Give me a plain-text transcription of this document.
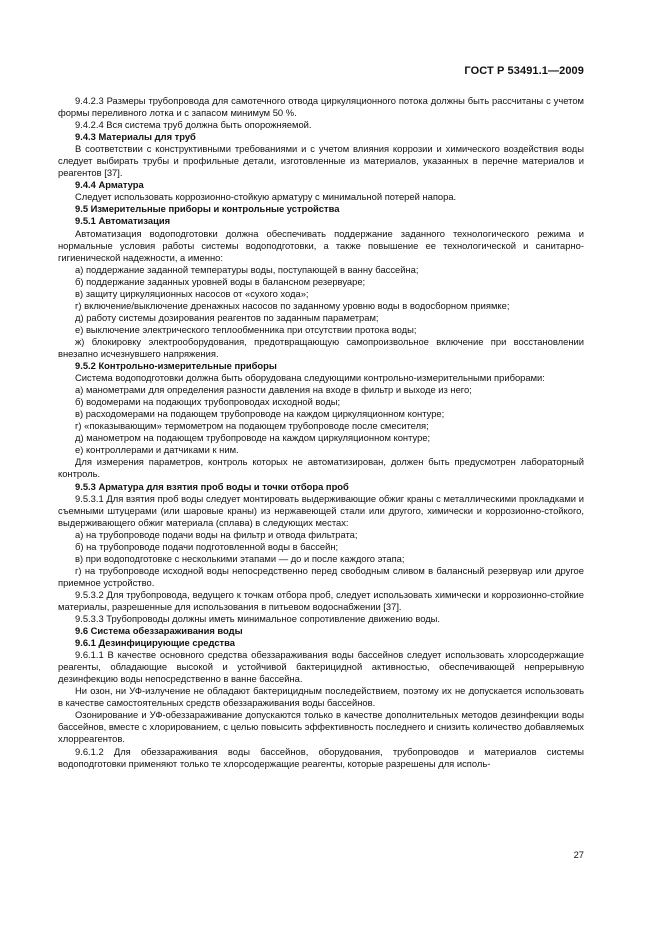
ГОСТ Р 53491.1—2009

9.4.2.3 Размеры трубопровода для самотечного отвода циркуляционного потока должны быть рассчитаны с учетом формы переливного лотка и с запасом минимум 50 %.

9.4.2.4 Вся система труб должна быть опорожняемой.

9.4.3 Материалы для труб

В соответствии с конструктивными требованиями и с учетом влияния коррозии и химического воздействия воды следует выбирать трубы и профильные детали, изготовленные из материалов, указанных в перечне материалов и реагентов [37].

9.4.4 Арматура

Следует использовать коррозионно-стойкую арматуру с минимальной потерей напора.

9.5 Измерительные приборы и контрольные устройства

9.5.1 Автоматизация

Автоматизация водоподготовки должна обеспечивать поддержание заданного технологического режима и нормальные условия работы системы водоподготовки, а также повышение ее технологической и санитарно-гигиенической надежности, а именно:

а) поддержание заданной температуры воды, поступающей в ванну бассейна;

б) поддержание заданных уровней воды в балансном резервуаре;

в) защиту циркуляционных насосов от «сухого хода»;

г) включение/выключение дренажных насосов по заданному уровню воды в водосборном приямке;

д) работу системы дозирования реагентов по заданным параметрам;

е) выключение электрического теплообменника при отсутствии протока воды;

ж) блокировку электрооборудования, предотвращающую самопроизвольное включение при восстановлении внезапно исчезнувшего напряжения.

9.5.2 Контрольно-измерительные приборы

Система водоподготовки должна быть оборудована следующими контрольно-измерительными приборами:

а) манометрами для определения разности давления на входе в фильтр и выходе из него;

б) водомерами на подающих трубопроводах исходной воды;

в) расходомерами на подающем трубопроводе на каждом циркуляционном контуре;

г) «показывающим» термометром на подающем трубопроводе после смесителя;

д) манометром на подающем трубопроводе на каждом циркуляционном контуре;

е) контроллерами и датчиками к ним.

Для измерения параметров, контроль которых не автоматизирован, должен быть предусмотрен лабораторный контроль.

9.5.3 Арматура для взятия проб воды и точки отбора проб

9.5.3.1 Для взятия проб воды следует монтировать выдерживающие обжиг краны с металлическими прокладками и съемными штуцерами (или шаровые краны) из нержавеющей стали или другого, химически и коррозионно-стойкого, выдерживающего обжиг материала (сплава) в следующих местах:

а) на трубопроводе подачи воды на фильтр и отвода фильтрата;

б) на трубопроводе подачи подготовленной воды в бассейн;

в) при водоподготовке с несколькими этапами — до и после каждого этапа;

г) на трубопроводе исходной воды непосредственно перед свободным сливом в балансный резервуар или другое приемное устройство.

9.5.3.2 Для трубопровода, ведущего к точкам отбора проб, следует использовать химически и коррозионно-стойкие материалы, разрешенные для использования в питьевом водоснабжении [37].

9.5.3.3 Трубопроводы должны иметь минимальное сопротивление движению воды.

9.6 Система обеззараживания воды

9.6.1 Дезинфицирующие средства

9.6.1.1 В качестве основного средства обеззараживания воды бассейнов следует использовать хлорсодержащие реагенты, обладающие высокой и устойчивой бактерицидной активностью, обеспечивающей непрерывную дезинфекцию воды непосредственно в ванне бассейна.

Ни озон, ни УФ-излучение не обладают бактерицидным последействием, поэтому их не допускается использовать в качестве самостоятельных средств обеззараживания воды бассейнов.

Озонирование и УФ-обеззараживание допускаются только в качестве дополнительных методов дезинфекции воды бассейнов, вместе с хлорированием, с целью повысить эффективность последнего и снизить количество добавляемых хлорреагентов.

9.6.1.2 Для обеззараживания воды бассейнов, оборудования, трубопроводов и материалов системы водоподготовки применяют только те хлорсодержащие реагенты, которые разрешены для исполь-

27
